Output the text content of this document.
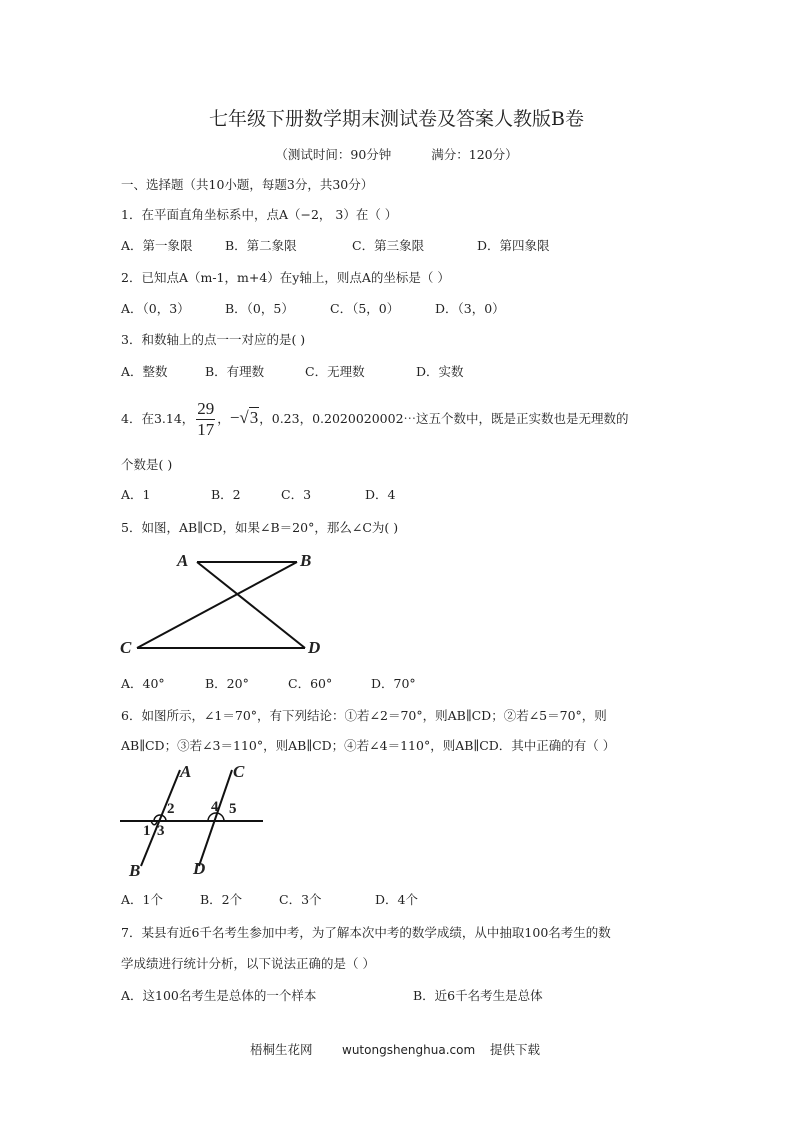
七年级下册数学期末测试卷及答案人教版B卷
（测试时间：90分钟	满分：120分）
一、选择题（共10小题，每题3分，共30分）
1．在平面直角坐标系中，点A（−2， 3）在（ ）
A．第一象限	B．第二象限	C．第三象限	D．第四象限
2．已知点A（m-1，m+4）在y轴上，则点A的坐标是（ ）
A．（0，3）	B．（0，5）	C．（5，0）	D．（3，0）
3．和数轴上的点一一对应的是( )
A．整数	B．有理数	C．无理数	D．实数
4．在3.14， $\frac{29}{17}$ ，−√3，0.23，0.2020020002⋯这五个数中，既是正实数也是无理数的
个数是( )
A．1	B．2	C．3	D．4
5．如图，AB∥CD，如果∠B＝20°，那么∠C为( )
A	B
C	D
A．40°	B．20°	C．60°	D．70°
6．如图所示，∠1＝70°，有下列结论：①若∠2＝70°，则AB∥CD；②若∠5＝70°，则
AB∥CD；③若∠3＝110°，则AB∥CD；④若∠4＝110°，则AB∥CD．其中正确的有（ ）
A C
2 4 5
1 3
B	D
A．1个	B．2个	C．3个	D．4个
7．某县有近6千名考生参加中考，为了解本次中考的数学成绩，从中抽取100名考生的数
学成绩进行统计分析，以下说法正确的是（ ）
A．这100名考生是总体的一个样本	B．近6千名考生是总体
梧桐生花网 wutongshenghua.com 提供下载
